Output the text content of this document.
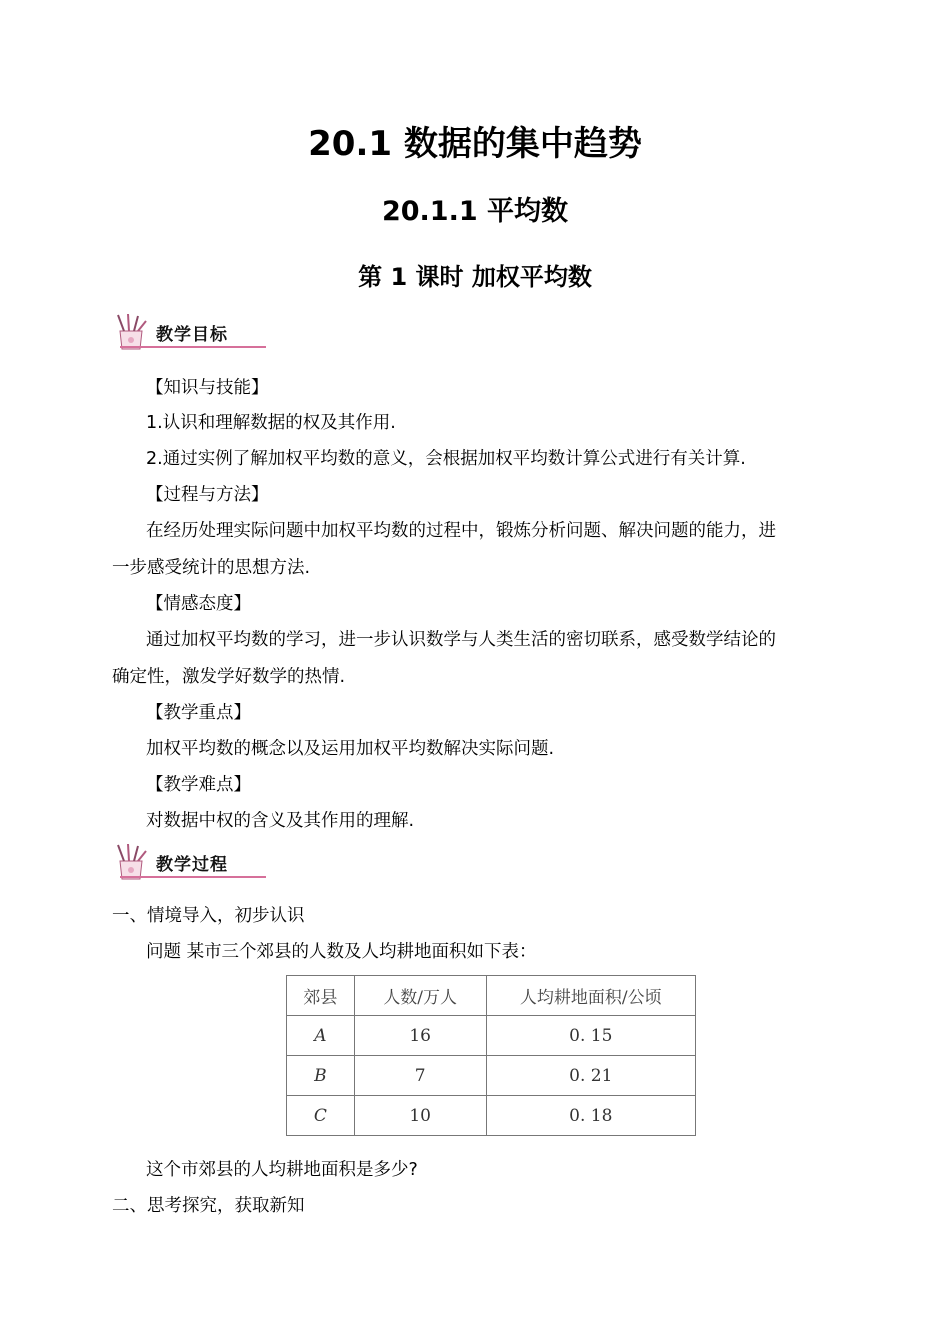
20.1 数据的集中趋势
20.1.1 平均数
第 1 课时 加权平均数
教学目标
【知识与技能】
1.认识和理解数据的权及其作用.
2.通过实例了解加权平均数的意义，会根据加权平均数计算公式进行有关计算.
【过程与方法】
在经历处理实际问题中加权平均数的过程中，锻炼分析问题、解决问题的能力，进
一步感受统计的思想方法.
【情感态度】
通过加权平均数的学习，进一步认识数学与人类生活的密切联系，感受数学结论的
确定性，激发学好数学的热情.
【教学重点】
加权平均数的概念以及运用加权平均数解决实际问题.
【教学难点】
对数据中权的含义及其作用的理解.
教学过程
一、情境导入，初步认识
问题 某市三个郊县的人数及人均耕地面积如下表：
郊县	人数/万人	人均耕地面积/公顷
A	16	0. 15
B	7	0. 21
C	10	0. 18
这个市郊县的人均耕地面积是多少?
二、思考探究，获取新知
